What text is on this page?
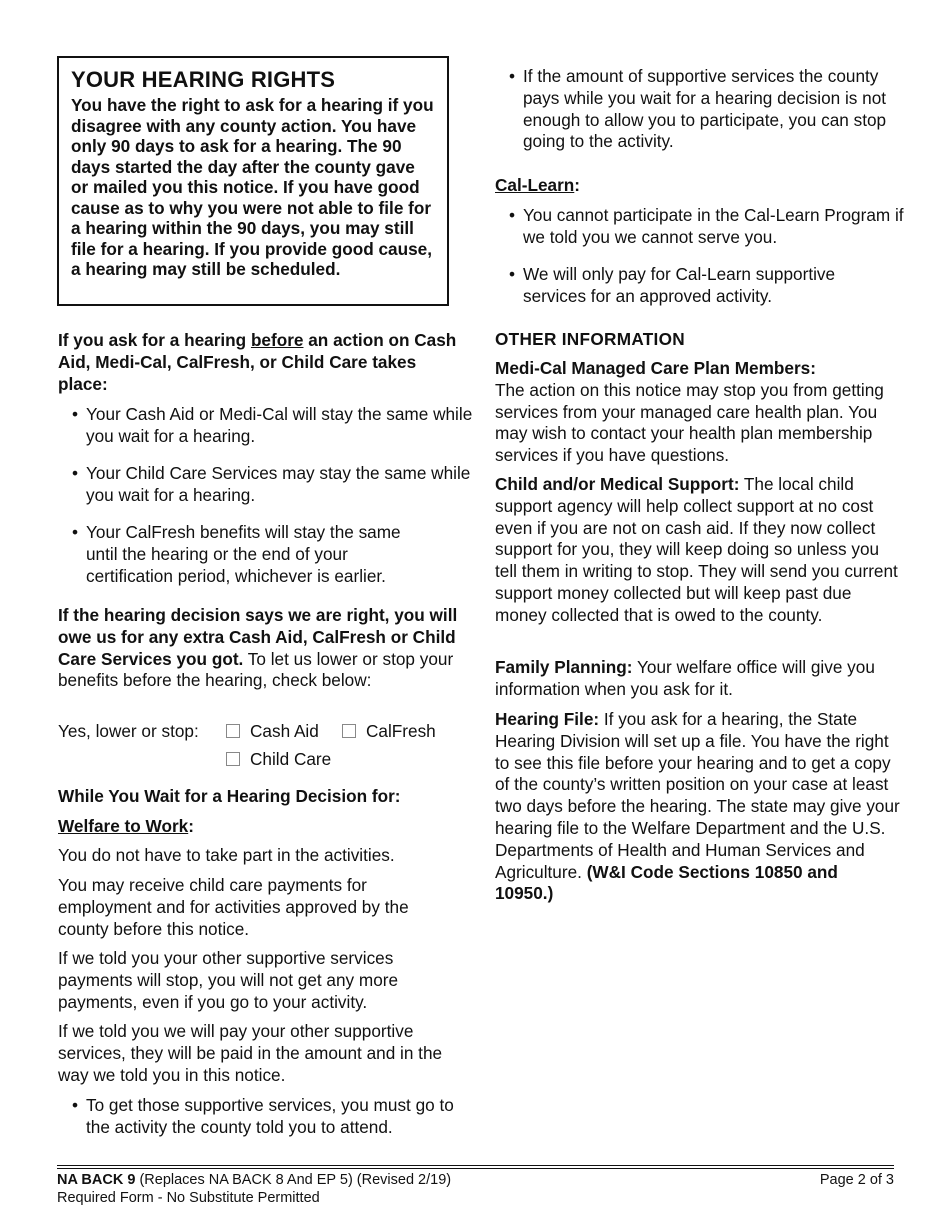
YOUR HEARING RIGHTS

You have the right to ask for a hearing if you disagree with any county action. You have only 90 days to ask for a hearing. The 90 days started the day after the county gave or mailed you this notice. If you have good cause as to why you were not able to file for a hearing within the 90 days, you may still file for a hearing. If you provide good cause, a hearing may still be scheduled.

If you ask for a hearing before an action on Cash Aid, Medi-Cal, CalFresh, or Child Care takes place:

• Your Cash Aid or Medi-Cal will stay the same while you wait for a hearing.
• Your Child Care Services may stay the same while you wait for a hearing.
• Your CalFresh benefits will stay the same until the hearing or the end of your certification period, whichever is earlier.

If the hearing decision says we are right, you will owe us for any extra Cash Aid, CalFresh or Child Care Services you got. To let us lower or stop your benefits before the hearing, check below:

Yes, lower or stop:	Cash Aid	CalFresh
Child Care
While You Wait for a Hearing Decision for:
Welfare to Work:

You do not have to take part in the activities.

You may receive child care payments for employment and for activities approved by the county before this notice.

If we told you your other supportive services payments will stop, you will not get any more payments, even if you go to your activity.

If we told you we will pay your other supportive services, they will be paid in the amount and in the way we told you in this notice.

• To get those supportive services, you must go to the activity the county told you to attend.
• If the amount of supportive services the county pays while you wait for a hearing decision is not enough to allow you to participate, you can stop going to the activity.
Cal-Learn:
• You cannot participate in the Cal-Learn Program if we told you we cannot serve you.
• We will only pay for Cal-Learn supportive services for an approved activity.
OTHER INFORMATION

Medi-Cal Managed Care Plan Members:
The action on this notice may stop you from getting services from your managed care health plan. You may wish to contact your health plan membership services if you have questions.

Child and/or Medical Support: The local child support agency will help collect support at no cost even if you are not on cash aid. If they now collect support for you, they will keep doing so unless you tell them in writing to stop. They will send you current support money collected but will keep past due money collected that is owed to the county.

Family Planning: Your welfare office will give you information when you ask for it.

Hearing File: If you ask for a hearing, the State Hearing Division will set up a file. You have the right to see this file before your hearing and to get a copy of the county’s written position on your case at least two days before the hearing. The state may give your hearing file to the Welfare Department and the U.S. Departments of Health and Human Services and Agriculture. (W&I Code Sections 10850 and 10950.)

NA BACK 9 (Replaces NA BACK 8 And EP 5) (Revised 2/19)	Page 2 of 3
Required Form - No Substitute Permitted
